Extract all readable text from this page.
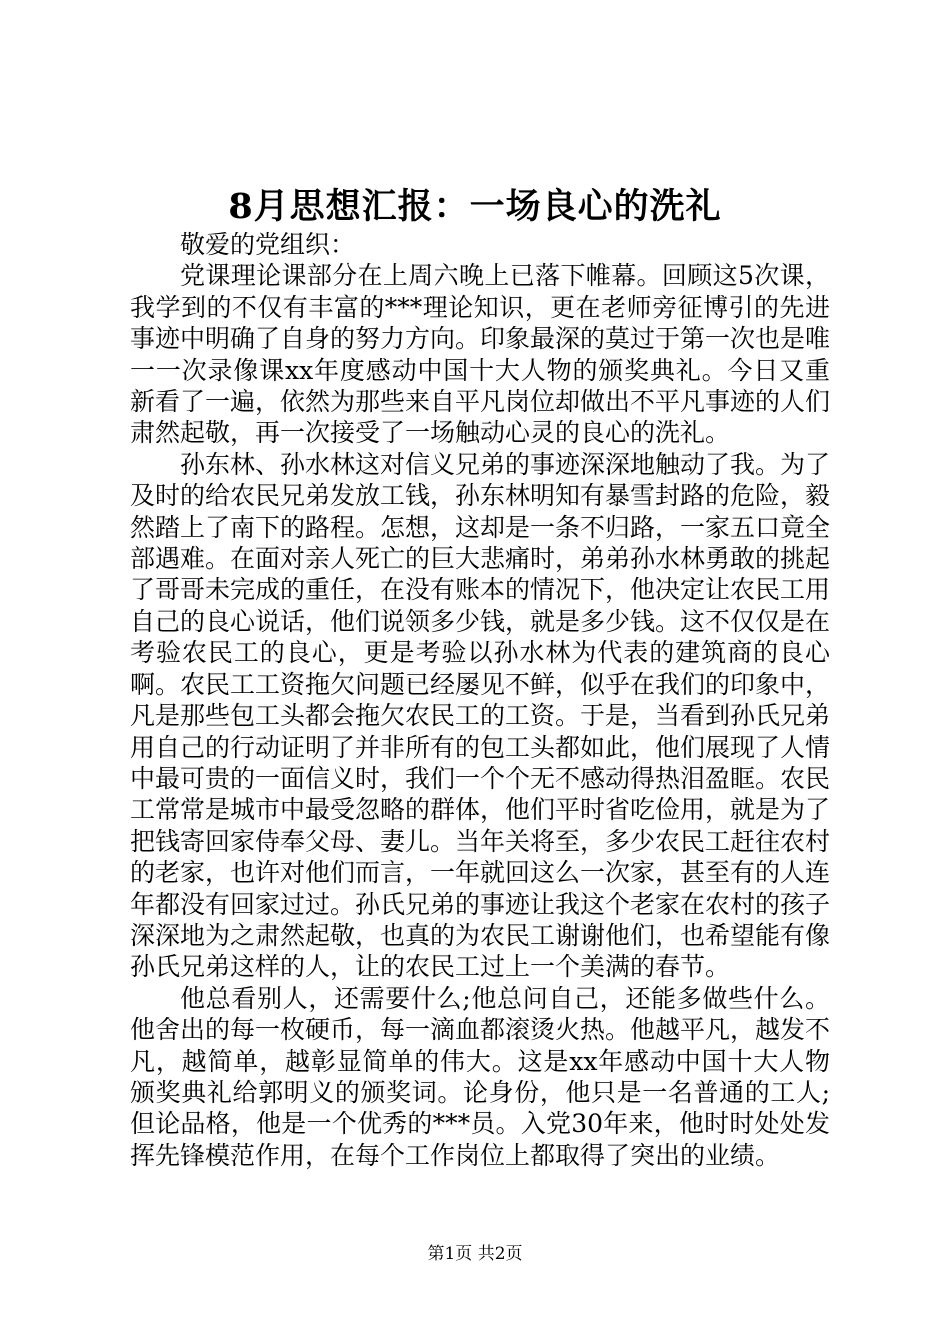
8月思想汇报：一场良心的洗礼

敬爱的党组织：

党课理论课部分在上周六晚上已落下帷幕。回顾这5次课，我学到的不仅有丰富的***理论知识，更在老师旁征博引的先进事迹中明确了自身的努力方向。印象最深的莫过于第一次也是唯一一次录像课xx年度感动中国十大人物的颁奖典礼。今日又重新看了一遍，依然为那些来自平凡岗位却做出不平凡事迹的人们肃然起敬，再一次接受了一场触动心灵的良心的洗礼。

孙东林、孙水林这对信义兄弟的事迹深深地触动了我。为了及时的给农民兄弟发放工钱，孙东林明知有暴雪封路的危险，毅然踏上了南下的路程。怎想，这却是一条不归路，一家五口竟全部遇难。在面对亲人死亡的巨大悲痛时，弟弟孙水林勇敢的挑起了哥哥未完成的重任，在没有账本的情况下，他决定让农民工用自己的良心说话，他们说领多少钱，就是多少钱。这不仅仅是在考验农民工的良心，更是考验以孙水林为代表的建筑商的良心啊。农民工工资拖欠问题已经屡见不鲜，似乎在我们的印象中，凡是那些包工头都会拖欠农民工的工资。于是，当看到孙氏兄弟用自己的行动证明了并非所有的包工头都如此，他们展现了人情中最可贵的一面信义时，我们一个个无不感动得热泪盈眶。农民工常常是城市中最受忽略的群体，他们平时省吃俭用，就是为了把钱寄回家侍奉父母、妻儿。当年关将至，多少农民工赶往农村的老家，也许对他们而言，一年就回这么一次家，甚至有的人连年都没有回家过过。孙氏兄弟的事迹让我这个老家在农村的孩子深深地为之肃然起敬，也真的为农民工谢谢他们，也希望能有像孙氏兄弟这样的人，让的农民工过上一个美满的春节。

他总看别人，还需要什么;他总问自己，还能多做些什么。他舍出的每一枚硬币，每一滴血都滚烫火热。他越平凡，越发不凡，越简单，越彰显简单的伟大。这是xx年感动中国十大人物颁奖典礼给郭明义的颁奖词。论身份，他只是一名普通的工人;但论品格，他是一个优秀的***员。入党30年来，他时时处处发挥先锋模范作用，在每个工作岗位上都取得了突出的业绩。

第1页 共2页
